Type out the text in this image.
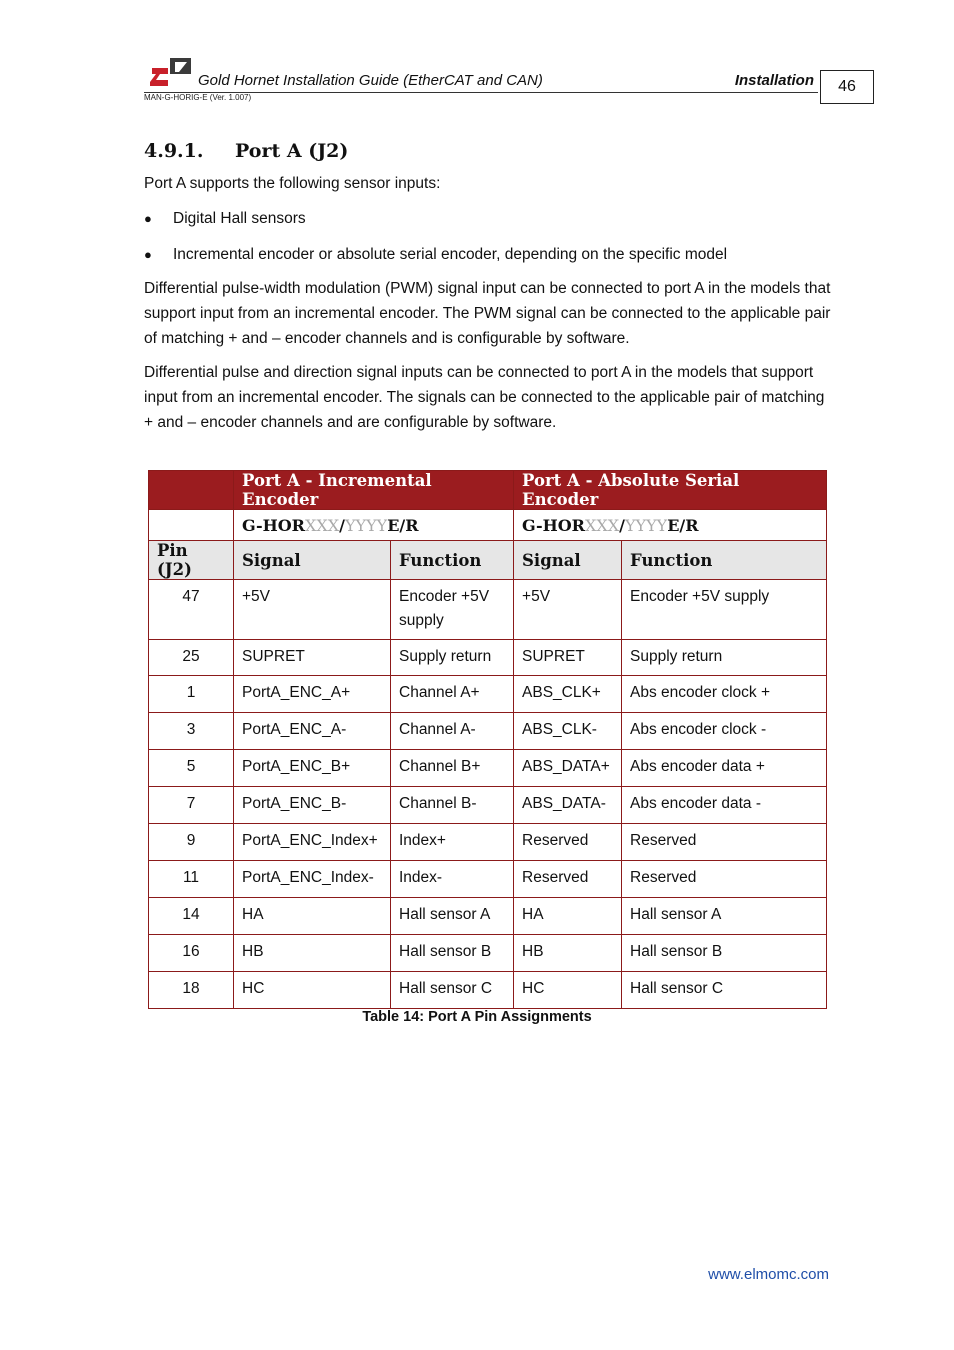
Gold Hornet Installation Guide (EtherCAT and CAN)	Installation
MAN-G-HORIG-E (Ver. 1.007)
46
4.9.1. Port A (J2)
Port A supports the following sensor inputs:
● Digital Hall sensors
● Incremental encoder or absolute serial encoder, depending on the specific model
Differential pulse-width modulation (PWM) signal input can be connected to port A in the models that support input from an incremental encoder. The PWM signal can be connected to the applicable pair of matching + and – encoder channels and is configurable by software.
Differential pulse and direction signal inputs can be connected to port A in the models that support input from an incremental encoder. The signals can be connected to the applicable pair of matching + and – encoder channels and are configurable by software.
	Port A - Incremental Encoder		Port A - Absolute Serial Encoder	
	G-HORXXX/YYYYE/R		G-HORXXX/YYYYE/R	
Pin (J2)	Signal	Function	Signal	Function
47	+5V	Encoder +5V supply	+5V	Encoder +5V supply
25	SUPRET	Supply return	SUPRET	Supply return
1	PortA_ENC_A+	Channel A+	ABS_CLK+	Abs encoder clock +
3	PortA_ENC_A-	Channel A-	ABS_CLK-	Abs encoder clock -
5	PortA_ENC_B+	Channel B+	ABS_DATA+	Abs encoder data +
7	PortA_ENC_B-	Channel B-	ABS_DATA-	Abs encoder data -
9	PortA_ENC_Index+	Index+	Reserved	Reserved
11	PortA_ENC_Index-	Index-	Reserved	Reserved
14	HA	Hall sensor A	HA	Hall sensor A
16	HB	Hall sensor B	HB	Hall sensor B
18	HC	Hall sensor C	HC	Hall sensor C
Table 14: Port A Pin Assignments
www.elmomc.com
